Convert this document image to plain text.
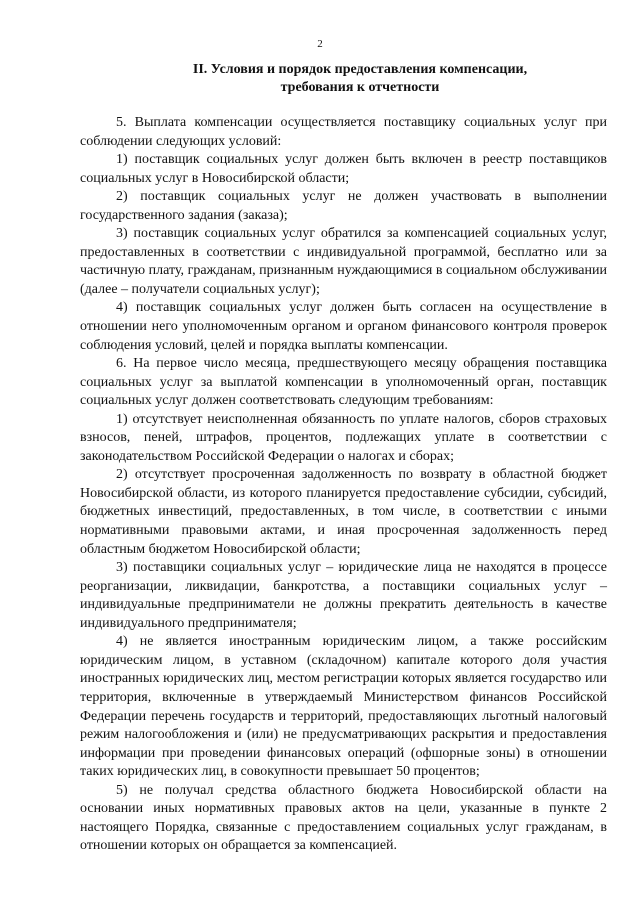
2
II. Условия и порядок предоставления компенсации,
требования к отчетности

5. Выплата компенсации осуществляется поставщику социальных услуг при соблюдении следующих условий:

1) поставщик социальных услуг должен быть включен в реестр поставщиков социальных услуг в Новосибирской области;

2) поставщик социальных услуг не должен участвовать в выполнении государственного задания (заказа);

3) поставщик социальных услуг обратился за компенсацией социальных услуг, предоставленных в соответствии с индивидуальной программой, бесплатно или за частичную плату, гражданам, признанным нуждающимися в социальном обслуживании (далее – получатели социальных услуг);

4) поставщик социальных услуг должен быть согласен на осуществление в отношении него уполномоченным органом и органом финансового контроля проверок соблюдения условий, целей и порядка выплаты компенсации.

6. На первое число месяца, предшествующего месяцу обращения поставщика социальных услуг за выплатой компенсации в уполномоченный орган, поставщик социальных услуг должен соответствовать следующим требованиям:

1) отсутствует неисполненная обязанность по уплате налогов, сборов страховых взносов, пеней, штрафов, процентов, подлежащих уплате в соответствии с законодательством Российской Федерации о налогах и сборах;

2) отсутствует просроченная задолженность по возврату в областной бюджет Новосибирской области, из которого планируется предоставление субсидии, субсидий, бюджетных инвестиций, предоставленных, в том числе, в соответствии с иными нормативными правовыми актами, и иная просроченная задолженность перед областным бюджетом Новосибирской области;

3) поставщики социальных услуг – юридические лица не находятся в процессе реорганизации, ликвидации, банкротства, а поставщики социальных услуг – индивидуальные предприниматели не должны прекратить деятельность в качестве индивидуального предпринимателя;

4) не является иностранным юридическим лицом, а также российским юридическим лицом, в уставном (складочном) капитале которого доля участия иностранных юридических лиц, местом регистрации которых является государство или территория, включенные в утверждаемый Министерством финансов Российской Федерации перечень государств и территорий, предоставляющих льготный налоговый режим налогообложения и (или) не предусматривающих раскрытия и предоставления информации при проведении финансовых операций (офшорные зоны) в отношении таких юридических лиц, в совокупности превышает 50 процентов;

5) не получал средства областного бюджета Новосибирской области на основании иных нормативных правовых актов на цели, указанные в пункте 2 настоящего Порядка, связанные с предоставлением социальных услуг гражданам, в отношении которых он обращается за компенсацией.
